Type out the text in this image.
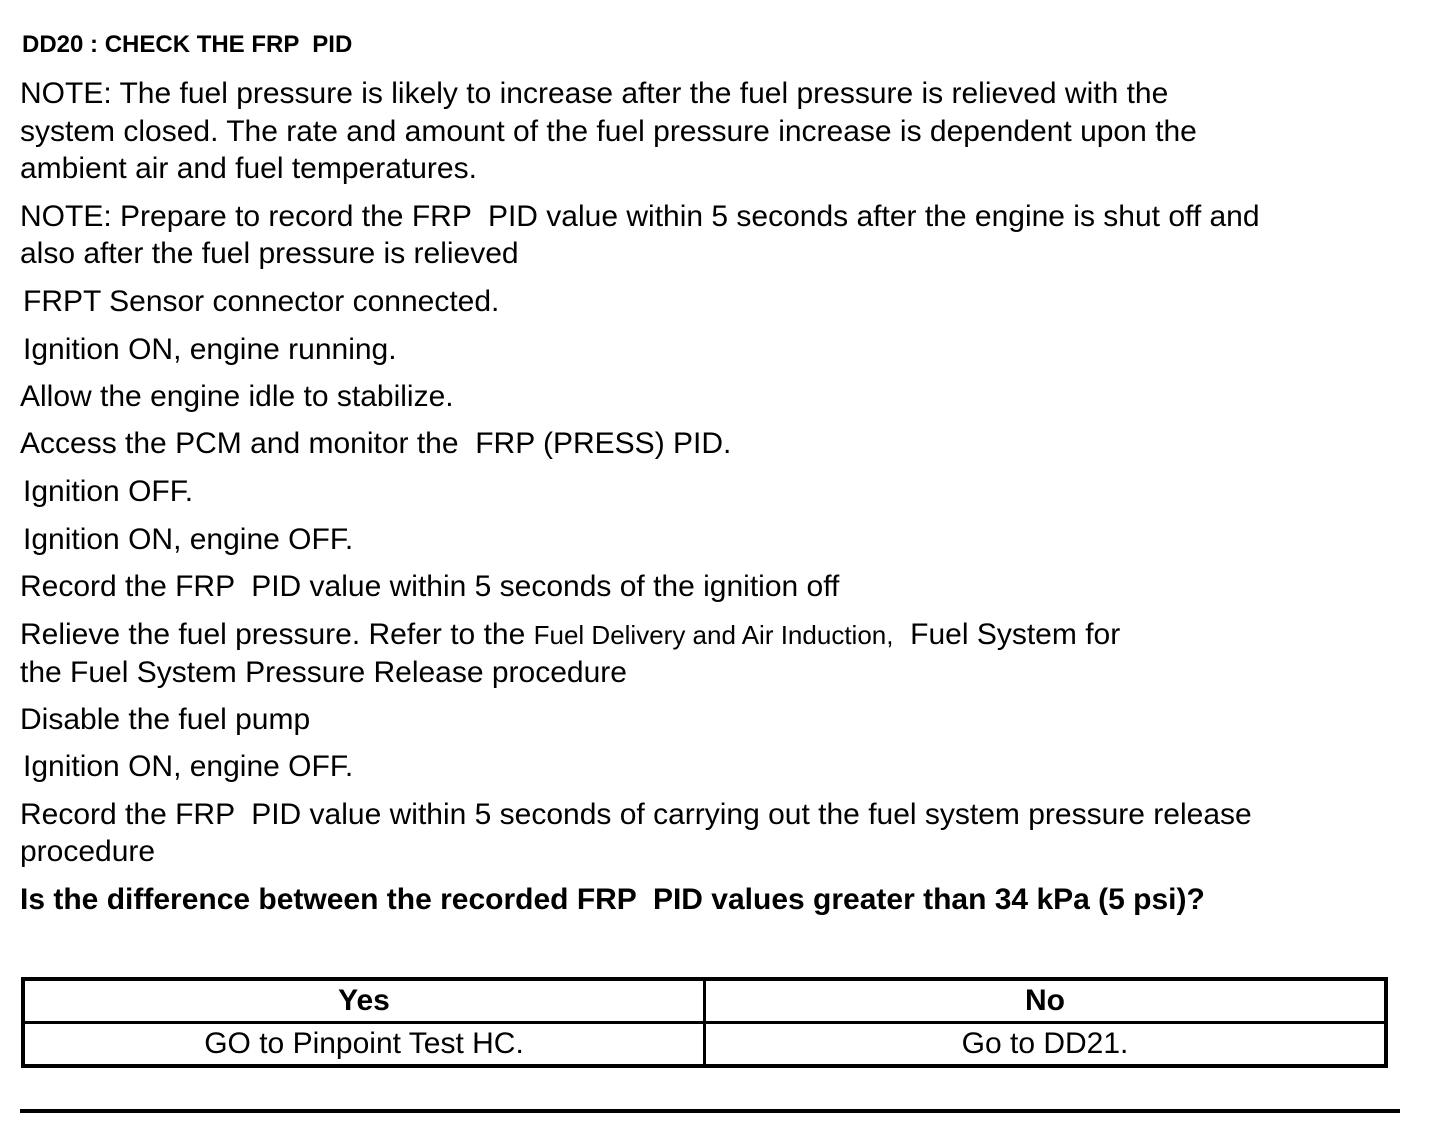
DD20 : CHECK THE FRP  PID
NOTE: The fuel pressure is likely to increase after the fuel pressure is relieved with the
system closed. The rate and amount of the fuel pressure increase is dependent upon the
ambient air and fuel temperatures.
NOTE: Prepare to record the FRP  PID value within 5 seconds after the engine is shut off and
also after the fuel pressure is relieved
FRPT Sensor connector connected.
Ignition ON, engine running.
Allow the engine idle to stabilize.
Access the PCM and monitor the  FRP (PRESS) PID.
Ignition OFF.
Ignition ON, engine OFF.
Record the FRP  PID value within 5 seconds of the ignition off
Relieve the fuel pressure. Refer to the Fuel Delivery and Air Induction,  Fuel System for
the Fuel System Pressure Release procedure
Disable the fuel pump
Ignition ON, engine OFF.
Record the FRP  PID value within 5 seconds of carrying out the fuel system pressure release
procedure
Is the difference between the recorded FRP  PID values greater than 34 kPa (5 psi)?
Yes	No
GO to Pinpoint Test HC.	Go to DD21.
